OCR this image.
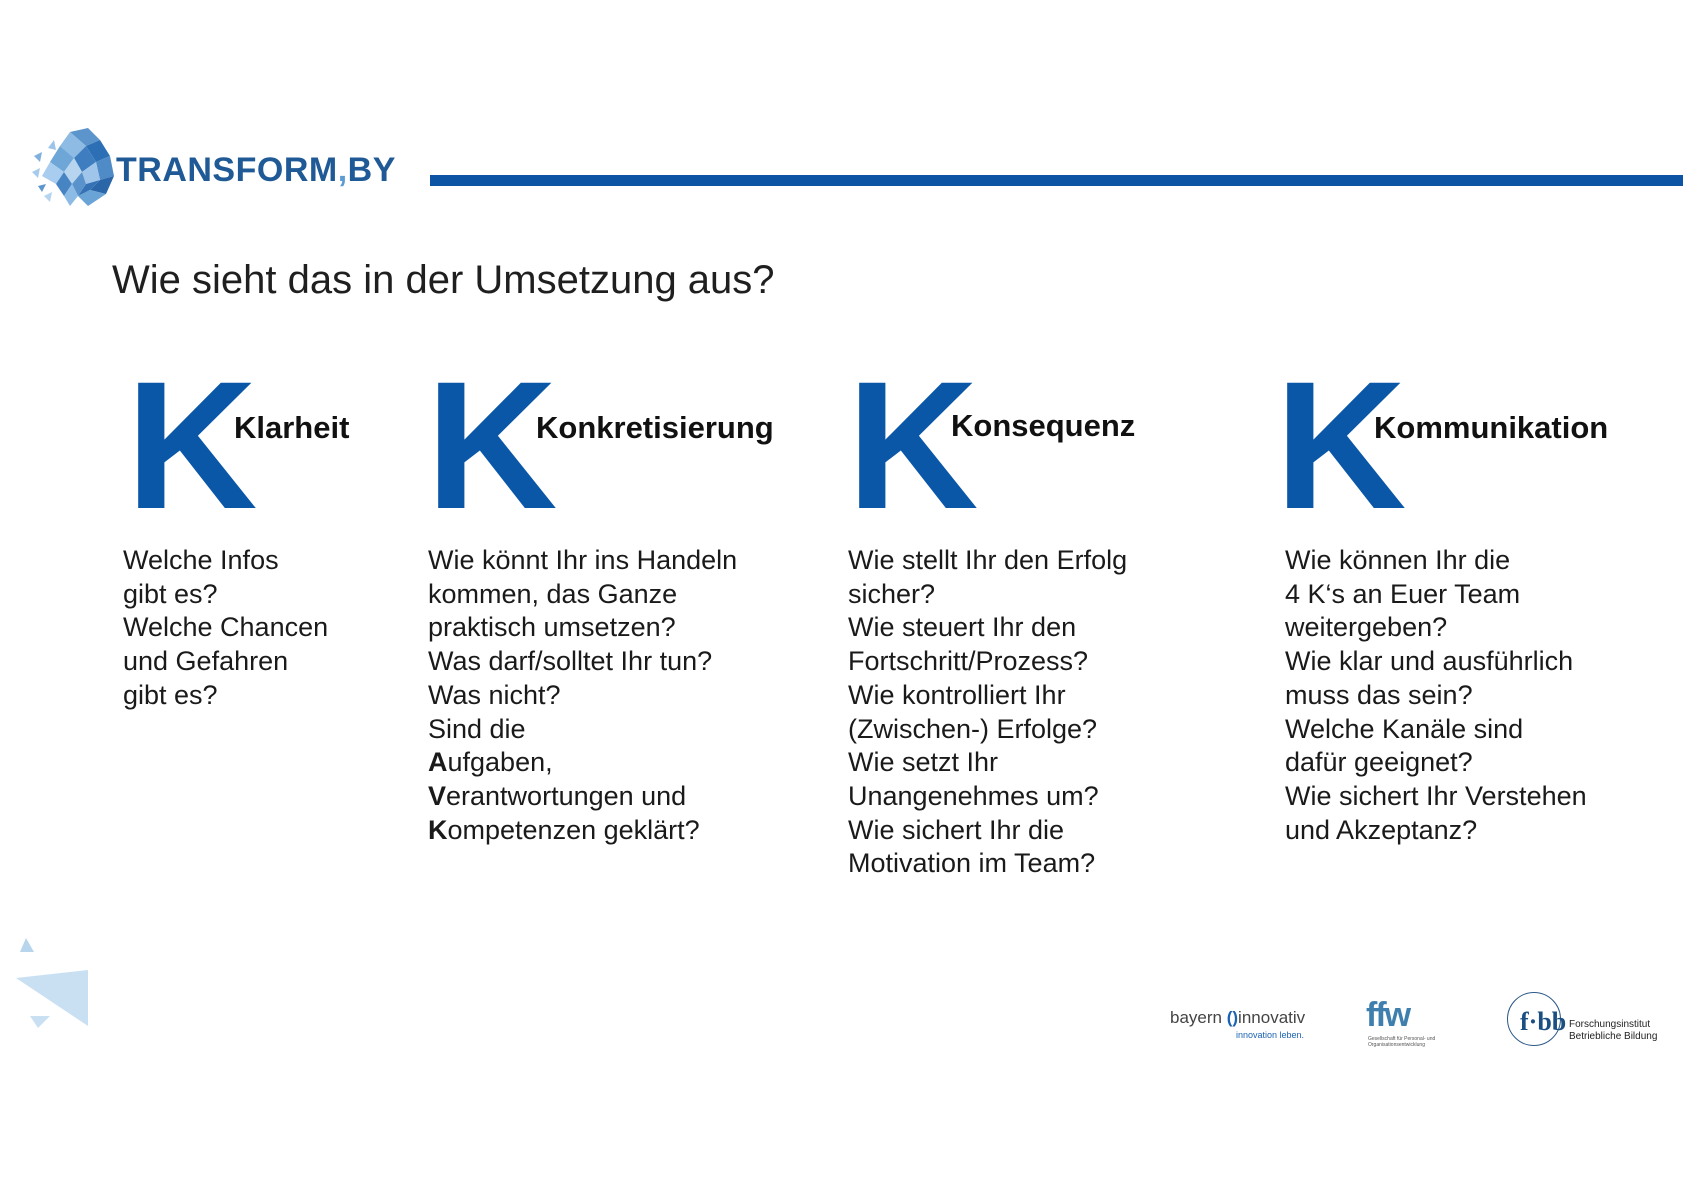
TRANSFORM,BY
Wie sieht das in der Umsetzung aus?
K
Klarheit
Welche Infos
gibt es?
Welche Chancen
und Gefahren
gibt es?
K
Konkretisierung
Wie könnt Ihr ins Handeln
kommen, das Ganze
praktisch umsetzen?
Was darf/solltet Ihr tun?
Was nicht?
Sind die
Aufgaben,
Verantwortungen und
Kompetenzen geklärt?
K
Konsequenz
Wie stellt Ihr den Erfolg
sicher?
Wie steuert Ihr den
Fortschritt/Prozess?
Wie kontrolliert Ihr
(Zwischen-) Erfolge?
Wie setzt Ihr
Unangenehmes um?
Wie sichert Ihr die
Motivation im Team?
K
Kommunikation
Wie können Ihr die
4 K‘s an Euer Team
weitergeben?
Wie klar und ausführlich
muss das sein?
Welche Kanäle sind
dafür geeignet?
Wie sichert Ihr Verstehen
und Akzeptanz?
bayern ()innovativ
innovation leben.
ffw
Gesellschaft für Personal- und
Organisationsentwicklung
f·bb Forschungsinstitut
Betriebliche Bildung
